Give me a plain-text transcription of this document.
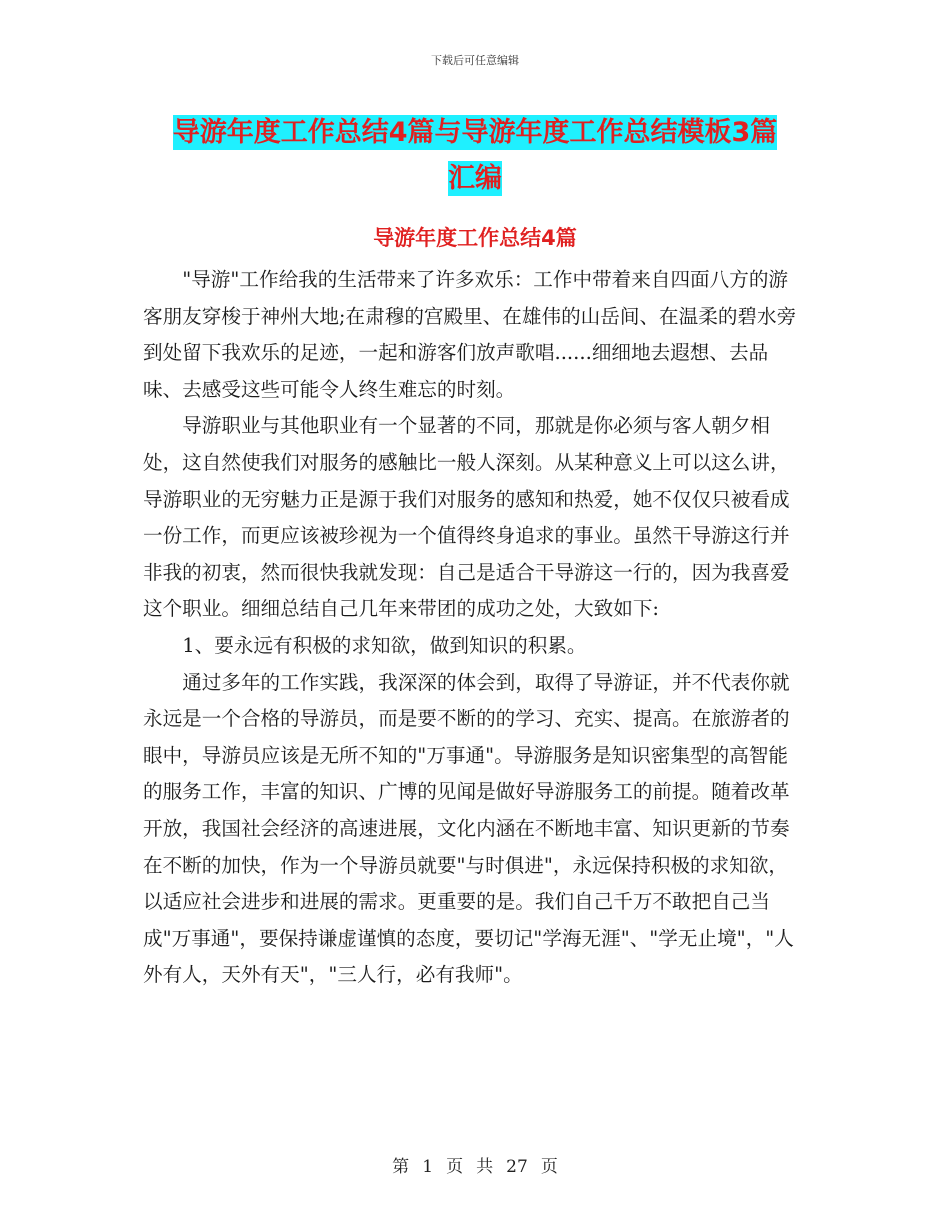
下载后可任意编辑
导游年度工作总结4篇与导游年度工作总结模板3篇
汇编
导游年度工作总结4篇

"导游"工作给我的生活带来了许多欢乐：工作中带着来自四面八方的游客朋友穿梭于神州大地;在肃穆的宫殿里、在雄伟的山岳间、在温柔的碧水旁到处留下我欢乐的足迹，一起和游客们放声歌唱......细细地去遐想、去品味、去感受这些可能令人终生难忘的时刻。

导游职业与其他职业有一个显著的不同，那就是你必须与客人朝夕相处，这自然使我们对服务的感触比一般人深刻。从某种意义上可以这么讲，导游职业的无穷魅力正是源于我们对服务的感知和热爱，她不仅仅只被看成一份工作，而更应该被珍视为一个值得终身追求的事业。虽然干导游这行并非我的初衷，然而很快我就发现：自己是适合干导游这一行的，因为我喜爱这个职业。细细总结自己几年来带团的成功之处，大致如下:

1、要永远有积极的求知欲，做到知识的积累。

通过多年的工作实践，我深深的体会到，取得了导游证，并不代表你就永远是一个合格的导游员，而是要不断的的学习、充实、提高。在旅游者的眼中，导游员应该是无所不知的"万事通"。导游服务是知识密集型的高智能的服务工作，丰富的知识、广博的见闻是做好导游服务工的前提。随着改革开放，我国社会经济的高速进展，文化内涵在不断地丰富、知识更新的节奏在不断的加快，作为一个导游员就要"与时俱进"，永远保持积极的求知欲，以适应社会进步和进展的需求。更重要的是。我们自己千万不敢把自己当成"万事通"，要保持谦虚谨慎的态度，要切记"学海无涯"、"学无止境"，"人外有人，天外有天"，"三人行，必有我师"。

第 1 页 共 27 页
